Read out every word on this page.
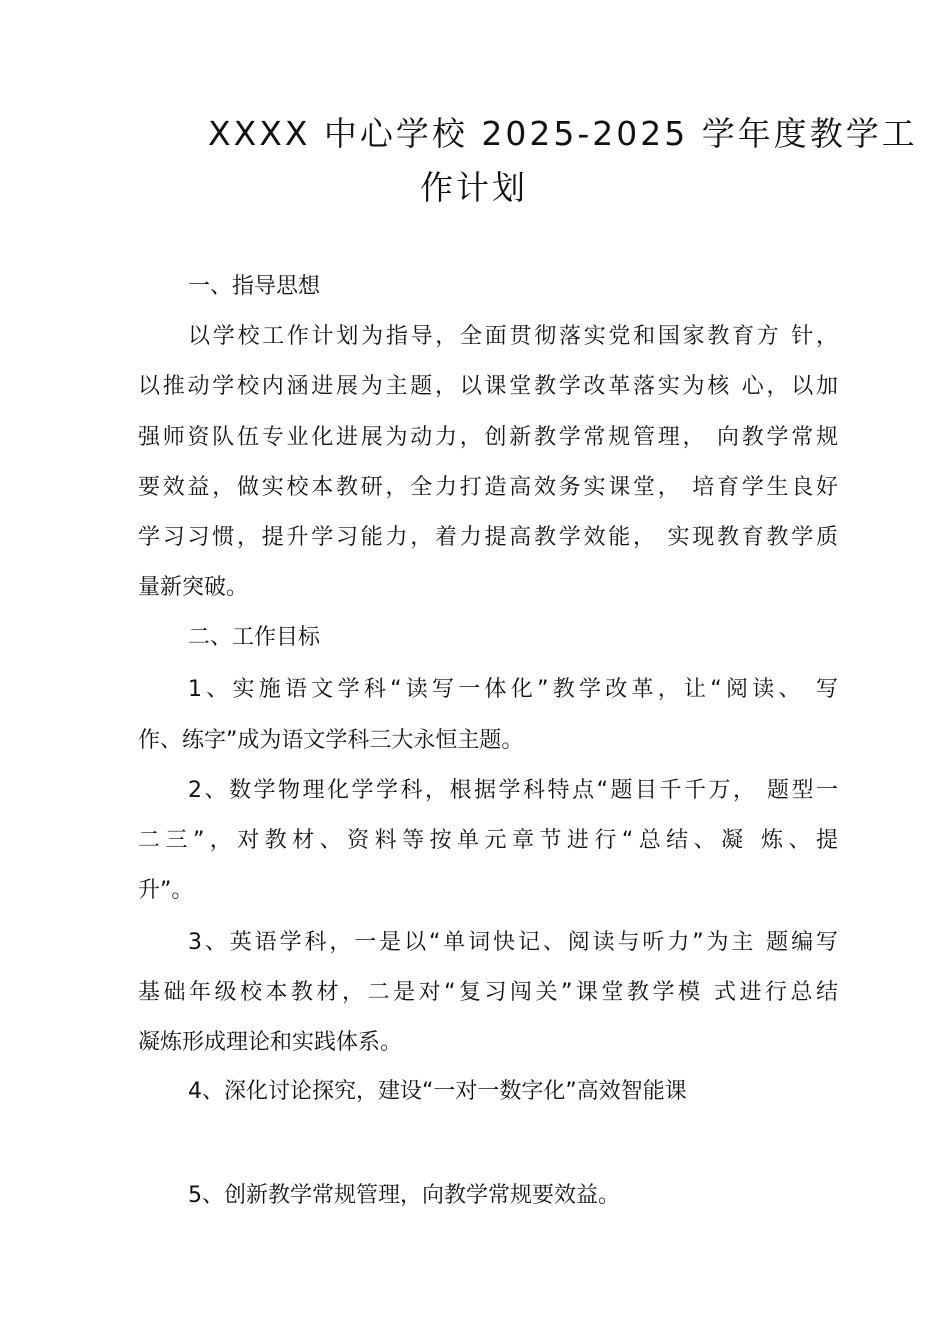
XXXX 中心学校 2025-2025 学年度教学工
作计划
一、指导思想
以学校工作计划为指导，全面贯彻落实党和国家教育方 针，
以推动学校内涵进展为主题，以课堂教学改革落实为核 心，以加
强师资队伍专业化进展为动力，创新教学常规管理， 向教学常规
要效益，做实校本教研，全力打造高效务实课堂， 培育学生良好
学习习惯，提升学习能力，着力提高教学效能， 实现教育教学质
量新突破。
二、工作目标
1、实施语文学科“读写一体化”教学改革，让“阅读、 写
作、练字”成为语文学科三大永恒主题。
2、数学物理化学学科，根据学科特点“题目千千万， 题型一
二三”，对教材、资料等按单元章节进行“总结、凝 炼、提
升”。
3、英语学科，一是以“单词快记、阅读与听力”为主 题编写
基础年级校本教材，二是对“复习闯关”课堂教学模 式进行总结
凝炼形成理论和实践体系。
4、深化讨论探究，建设“一对一数字化”高效智能课
5、创新教学常规管理，向教学常规要效益。
